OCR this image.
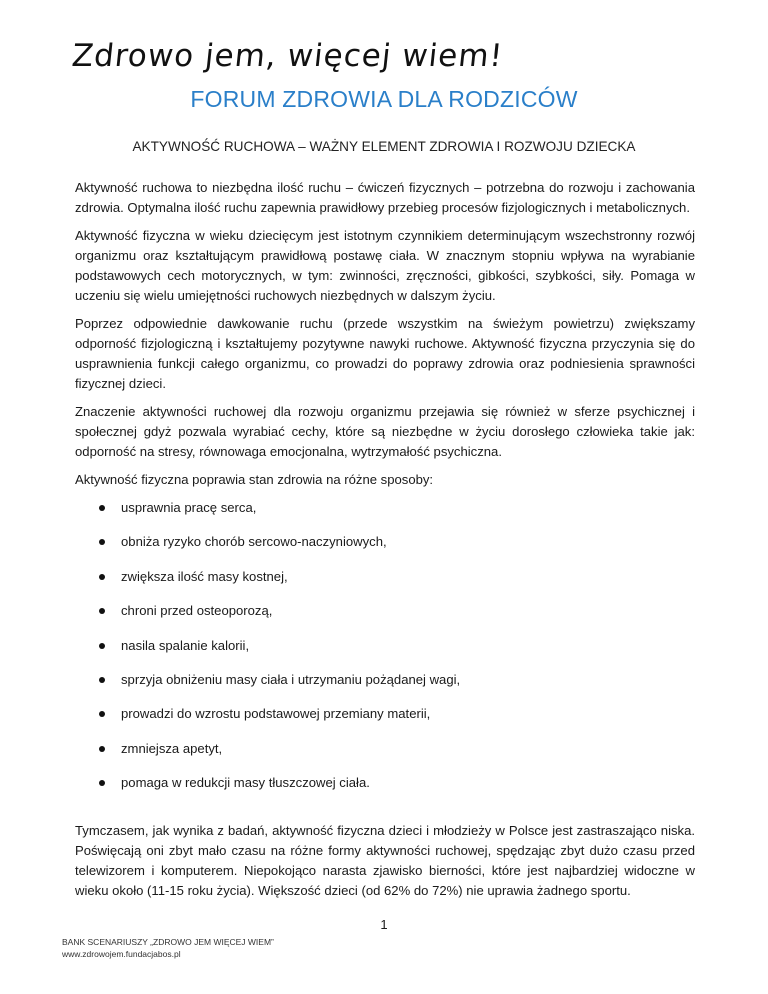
Zdrowo jem, więcej wiem!
FORUM ZDROWIA DLA RODZICÓW
AKTYWNOŚĆ RUCHOWA – WAŻNY ELEMENT ZDROWIA I ROZWOJU DZIECKA

Aktywność ruchowa to niezbędna ilość ruchu – ćwiczeń fizycznych – potrzebna do rozwoju i zachowania zdrowia. Optymalna ilość ruchu zapewnia prawidłowy przebieg procesów fizjologicznych i metabolicznych.

Aktywność fizyczna w wieku dziecięcym jest istotnym czynnikiem determinującym wszechstronny rozwój organizmu oraz kształtującym prawidłową postawę ciała. W znacznym stopniu wpływa na wyrabianie podstawowych cech motorycznych, w tym: zwinności, zręczności, gibkości, szybkości, siły. Pomaga w uczeniu się wielu umiejętności ruchowych niezbędnych w dalszym życiu.

Poprzez odpowiednie dawkowanie ruchu (przede wszystkim na świeżym powietrzu) zwiększamy odporność fizjologiczną i kształtujemy pozytywne nawyki ruchowe. Aktywność fizyczna przyczynia się do usprawnienia funkcji całego organizmu, co prowadzi do poprawy zdrowia oraz podniesienia sprawności fizycznej dzieci.

Znaczenie aktywności ruchowej dla rozwoju organizmu przejawia się również w sferze psychicznej i społecznej gdyż pozwala wyrabiać cechy, które są niezbędne w życiu dorosłego człowieka takie jak: odporność na stresy, równowaga emocjonalna, wytrzymałość psychiczna.

Aktywność fizyczna poprawia stan zdrowia na różne sposoby:

usprawnia pracę serca,
obniża ryzyko chorób sercowo-naczyniowych,
zwiększa ilość masy kostnej,
chroni przed osteoporozą,
nasila spalanie kalorii,
sprzyja obniżeniu masy ciała i utrzymaniu pożądanej wagi,
prowadzi do wzrostu podstawowej przemiany materii,
zmniejsza apetyt,
pomaga w redukcji masy tłuszczowej ciała.

Tymczasem, jak wynika z badań, aktywność fizyczna dzieci i młodzieży w Polsce jest zastraszająco niska. Poświęcają oni zbyt mało czasu na różne formy aktywności ruchowej, spędzając zbyt dużo czasu przed telewizorem i komputerem. Niepokojąco narasta zjawisko bierności, które jest najbardziej widoczne w wieku około (11-15 roku życia). Większość dzieci (od 62% do 72%) nie uprawia żadnego sportu.

1
BANK SCENARIUSZY „ZDROWO JEM WIĘCEJ WIEM”
www.zdrowojem.fundacjabos.pl
